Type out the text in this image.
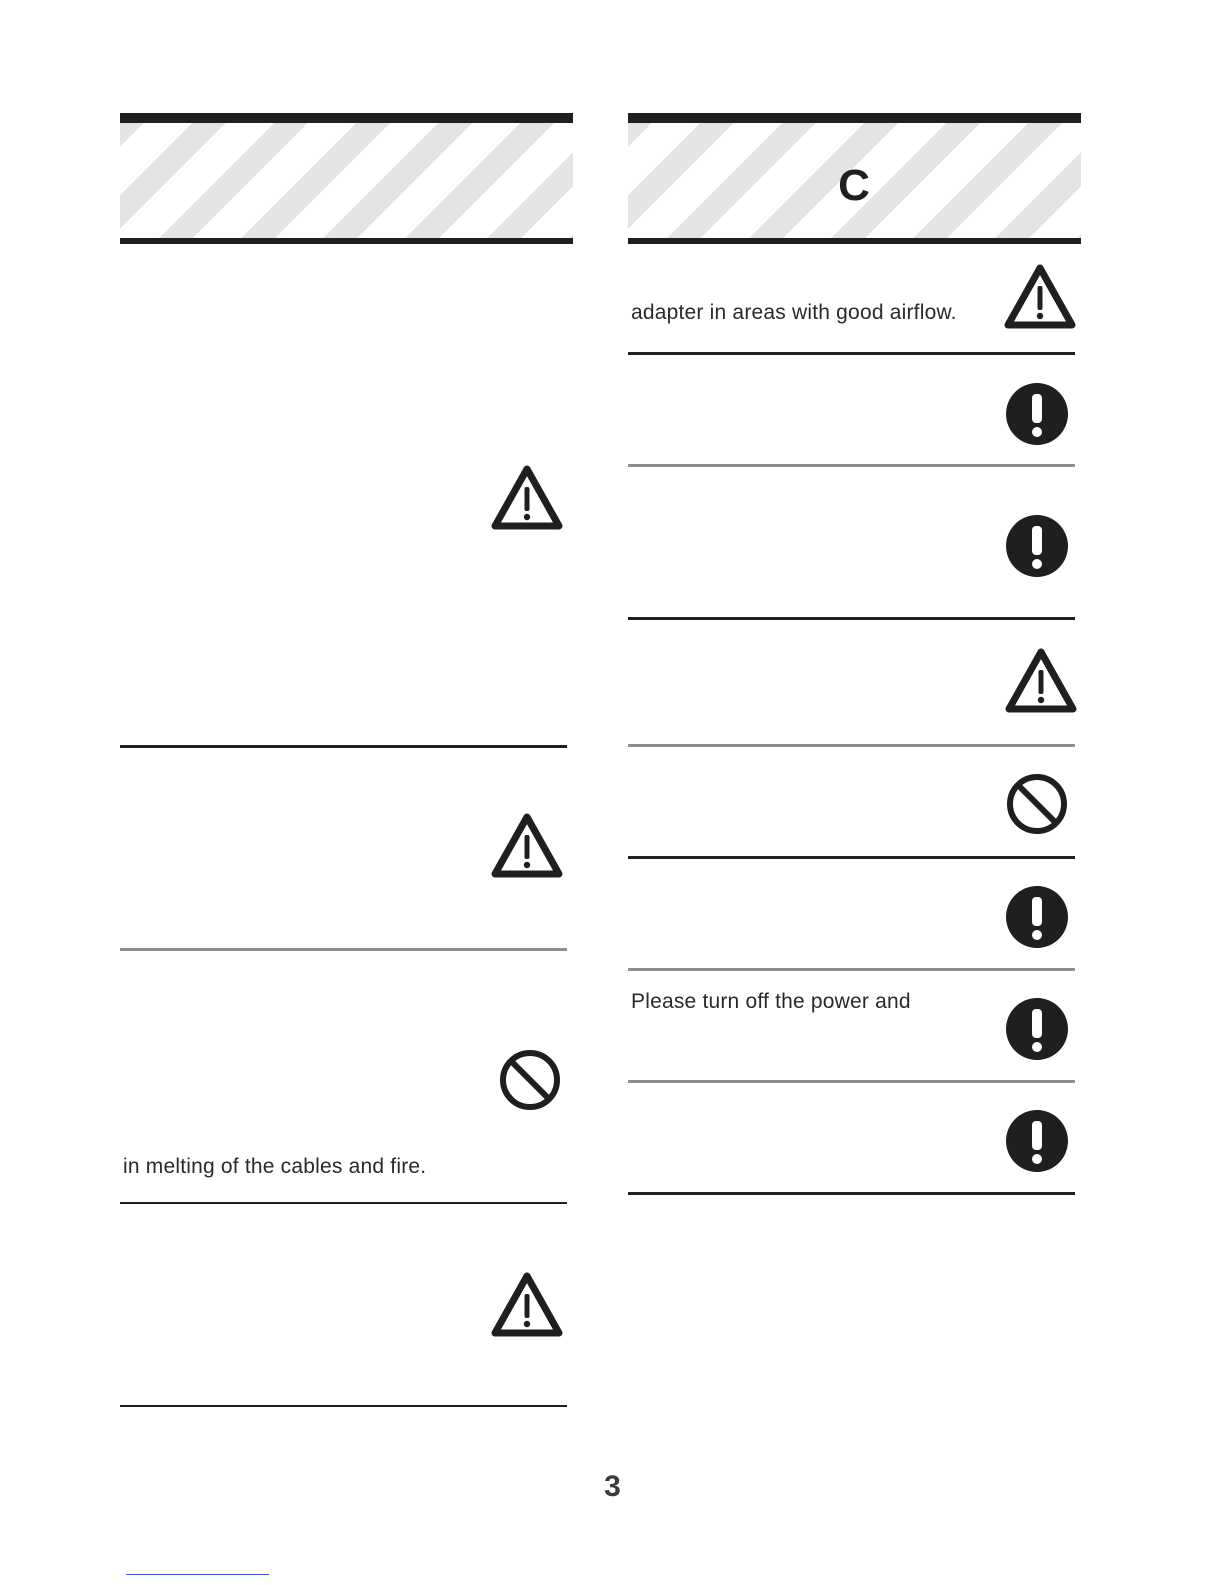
C
in melting of the cables and fire.
adapter in areas with good airflow.
Please turn off the power and
3
